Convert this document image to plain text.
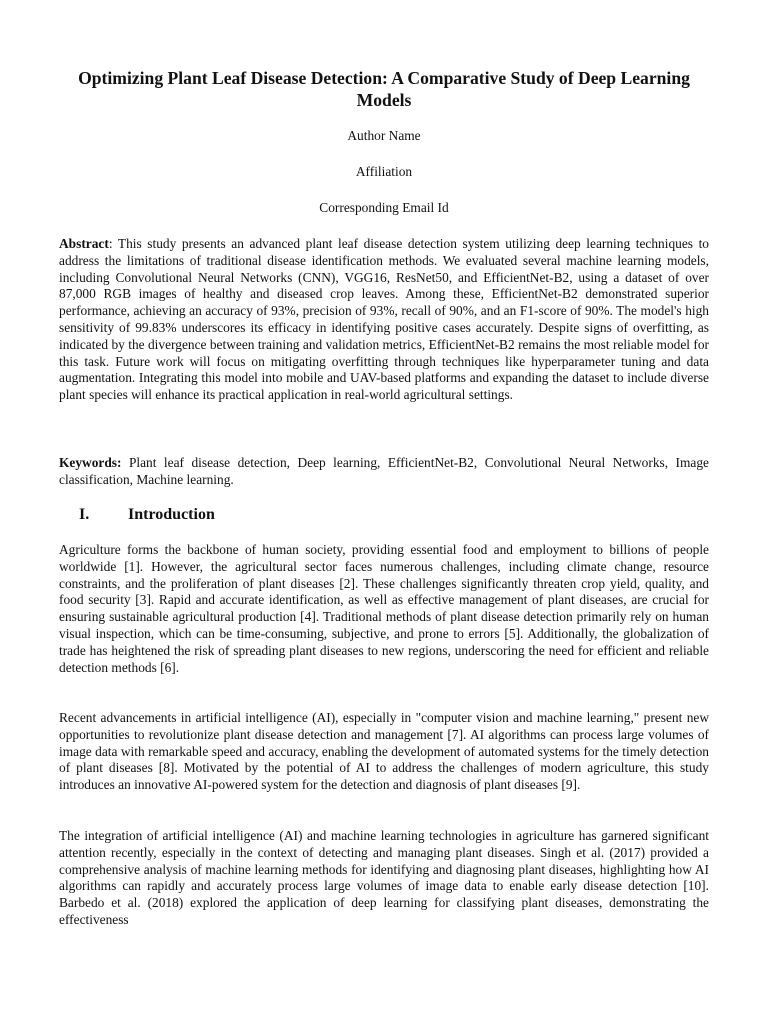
Optimizing Plant Leaf Disease Detection: A Comparative Study of Deep Learning Models

Author Name

Affiliation

Corresponding Email Id

Abstract: This study presents an advanced plant leaf disease detection system utilizing deep learning techniques to address the limitations of traditional disease identification methods. We evaluated several machine learning models, including Convolutional Neural Networks (CNN), VGG16, ResNet50, and EfficientNet-B2, using a dataset of over 87,000 RGB images of healthy and diseased crop leaves. Among these, EfficientNet-B2 demonstrated superior performance, achieving an accuracy of 93%, precision of 93%, recall of 90%, and an F1-score of 90%. The model's high sensitivity of 99.83% underscores its efficacy in identifying positive cases accurately. Despite signs of overfitting, as indicated by the divergence between training and validation metrics, EfficientNet-B2 remains the most reliable model for this task. Future work will focus on mitigating overfitting through techniques like hyperparameter tuning and data augmentation. Integrating this model into mobile and UAV-based platforms and expanding the dataset to include diverse plant species will enhance its practical application in real-world agricultural settings.

Keywords: Plant leaf disease detection, Deep learning, EfficientNet-B2, Convolutional Neural Networks, Image classification, Machine learning.

I. Introduction

Agriculture forms the backbone of human society, providing essential food and employment to billions of people worldwide [1]. However, the agricultural sector faces numerous challenges, including climate change, resource constraints, and the proliferation of plant diseases [2]. These challenges significantly threaten crop yield, quality, and food security [3]. Rapid and accurate identification, as well as effective management of plant diseases, are crucial for ensuring sustainable agricultural production [4]. Traditional methods of plant disease detection primarily rely on human visual inspection, which can be time-consuming, subjective, and prone to errors [5]. Additionally, the globalization of trade has heightened the risk of spreading plant diseases to new regions, underscoring the need for efficient and reliable detection methods [6].

Recent advancements in artificial intelligence (AI), especially in "computer vision and machine learning," present new opportunities to revolutionize plant disease detection and management [7]. AI algorithms can process large volumes of image data with remarkable speed and accuracy, enabling the development of automated systems for the timely detection of plant diseases [8]. Motivated by the potential of AI to address the challenges of modern agriculture, this study introduces an innovative AI-powered system for the detection and diagnosis of plant diseases [9].

The integration of artificial intelligence (AI) and machine learning technologies in agriculture has garnered significant attention recently, especially in the context of detecting and managing plant diseases. Singh et al. (2017) provided a comprehensive analysis of machine learning methods for identifying and diagnosing plant diseases, highlighting how AI algorithms can rapidly and accurately process large volumes of image data to enable early disease detection [10]. Barbedo et al. (2018) explored the application of deep learning for classifying plant diseases, demonstrating the effectiveness
